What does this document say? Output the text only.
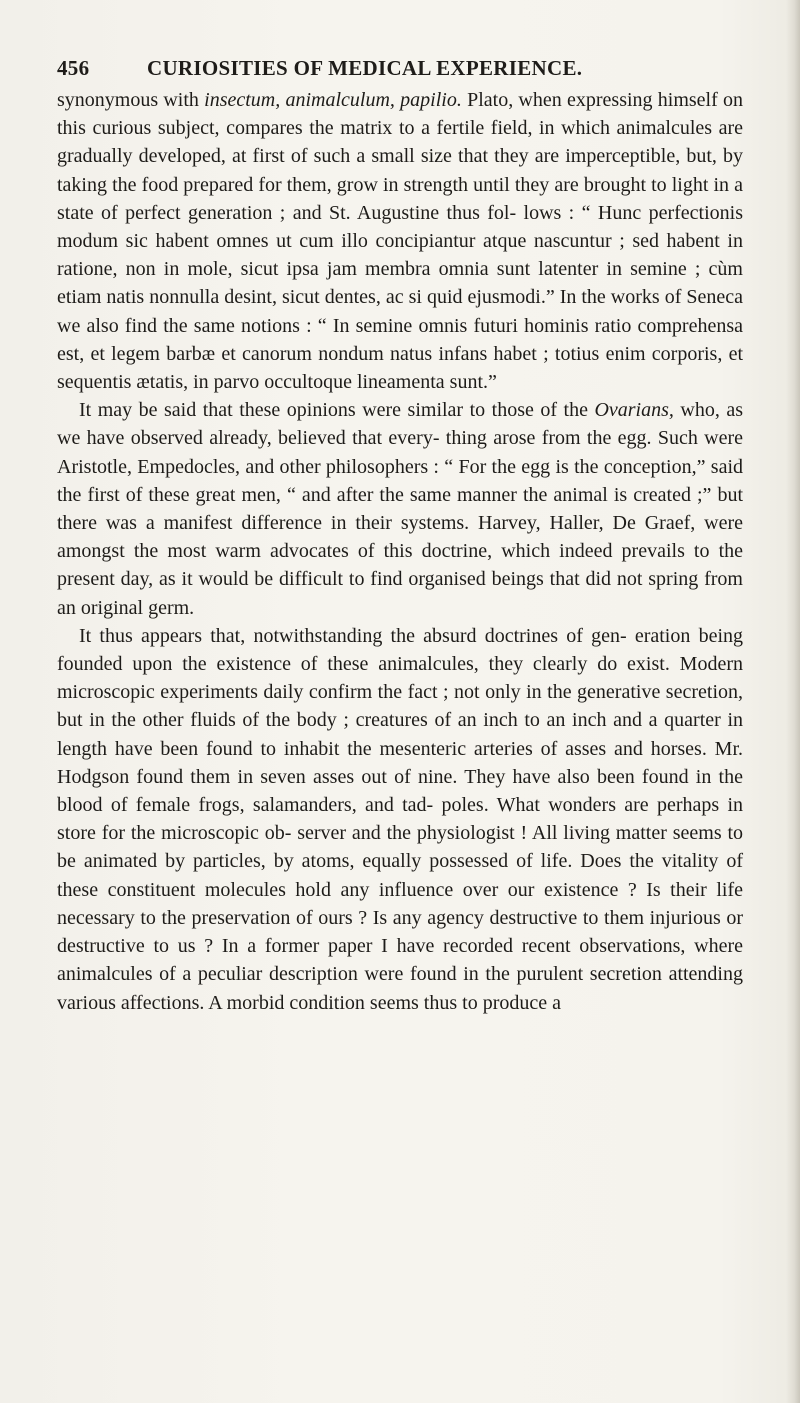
456	CURIOSITIES OF MEDICAL EXPERIENCE.

synonymous with insectum, animalculum, papilio. Plato, when expressing himself on this curious subject, compares the matrix to a fertile field, in which animalcules are gradually developed, at first of such a small size that they are imperceptible, but, by taking the food prepared for them, grow in strength until they are brought to light in a state of perfect generation ; and St. Augustine thus fol- lows : “ Hunc perfectionis modum sic habent omnes ut cum illo concipiantur atque nascuntur ; sed habent in ratione, non in mole, sicut ipsa jam membra omnia sunt latenter in semine ; cùm etiam natis nonnulla desint, sicut dentes, ac si quid ejusmodi.” In the works of Seneca we also find the same notions : “ In semine omnis futuri hominis ratio comprehensa est, et legem barbæ et canorum nondum natus infans habet ; totius enim corporis, et sequentis ætatis, in parvo occultoque lineamenta sunt.”

It may be said that these opinions were similar to those of the Ovarians, who, as we have observed already, believed that every- thing arose from the egg. Such were Aristotle, Empedocles, and other philosophers : “ For the egg is the conception,” said the first of these great men, “ and after the same manner the animal is created ;” but there was a manifest difference in their systems. Harvey, Haller, De Graef, were amongst the most warm advocates of this doctrine, which indeed prevails to the present day, as it would be difficult to find organised beings that did not spring from an original germ.

It thus appears that, notwithstanding the absurd doctrines of gen- eration being founded upon the existence of these animalcules, they clearly do exist. Modern microscopic experiments daily confirm the fact ; not only in the generative secretion, but in the other fluids of the body ; creatures of an inch to an inch and a quarter in length have been found to inhabit the mesenteric arteries of asses and horses. Mr. Hodgson found them in seven asses out of nine. They have also been found in the blood of female frogs, salamanders, and tad- poles. What wonders are perhaps in store for the microscopic ob- server and the physiologist ! All living matter seems to be animated by particles, by atoms, equally possessed of life. Does the vitality of these constituent molecules hold any influence over our existence ? Is their life necessary to the preservation of ours ? Is any agency destructive to them injurious or destructive to us ? In a former paper I have recorded recent observations, where animalcules of a peculiar description were found in the purulent secretion attending various affections. A morbid condition seems thus to produce a
